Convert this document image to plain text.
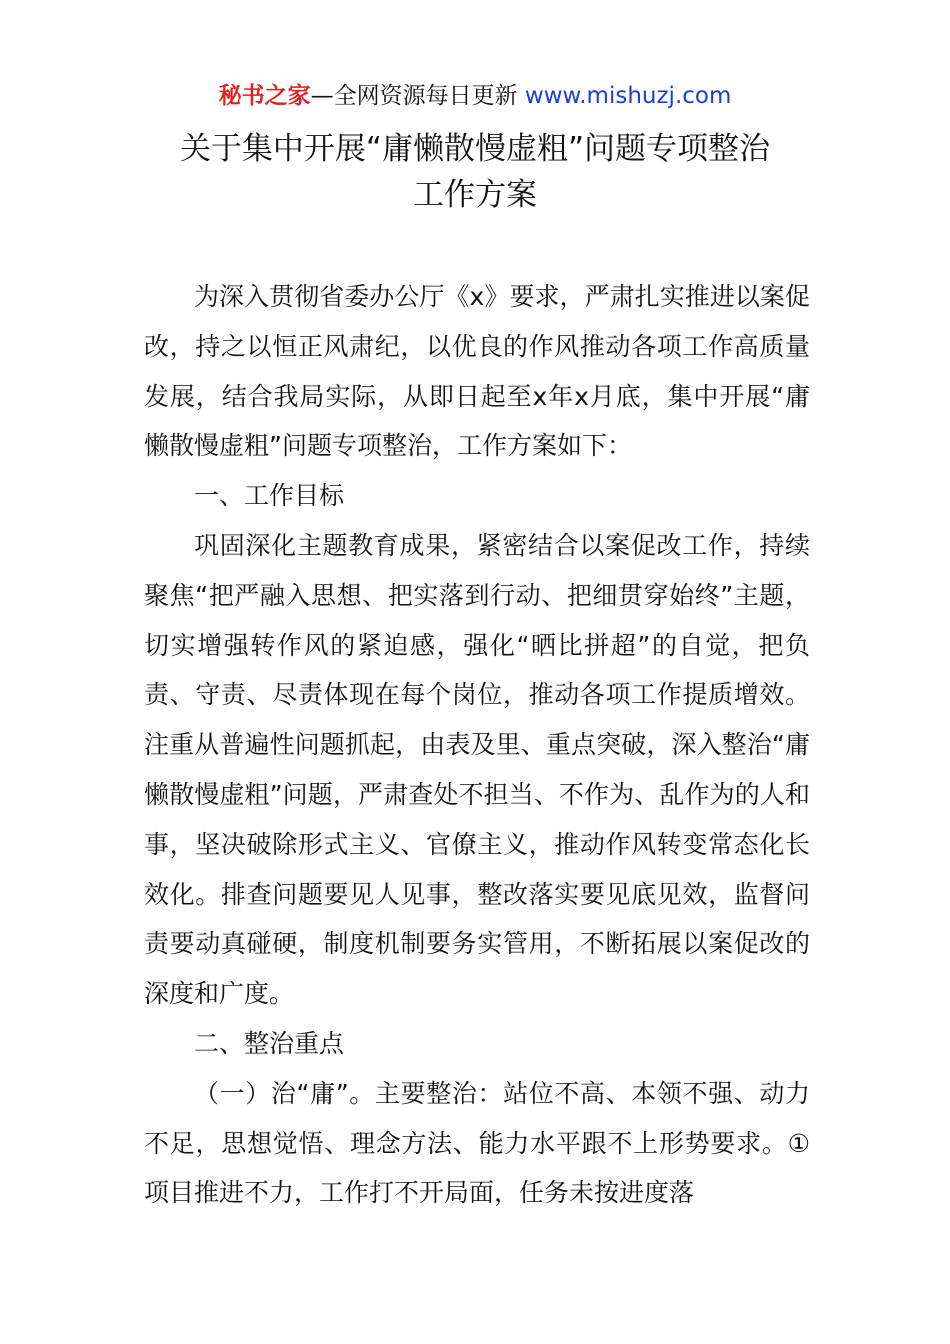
秘书之家—全网资源每日更新 www.mishuzj.com
关于集中开展“庸懒散慢虚粗”问题专项整治
工作方案

为深入贯彻省委办公厅《x》要求，严肃扎实推进以案促改，持之以恒正风肃纪，以优良的作风推动各项工作高质量发展，结合我局实际，从即日起至x年x月底，集中开展“庸懒散慢虚粗”问题专项整治，工作方案如下：

一、工作目标

巩固深化主题教育成果，紧密结合以案促改工作，持续聚焦“把严融入思想、把实落到行动、把细贯穿始终”主题，切实增强转作风的紧迫感，强化“晒比拼超”的自觉，把负责、守责、尽责体现在每个岗位，推动各项工作提质增效。注重从普遍性问题抓起，由表及里、重点突破，深入整治“庸懒散慢虚粗”问题，严肃查处不担当、不作为、乱作为的人和事，坚决破除形式主义、官僚主义，推动作风转变常态化长效化。排查问题要见人见事，整改落实要见底见效，监督问责要动真碰硬，制度机制要务实管用，不断拓展以案促改的深度和广度。

二、整治重点

（一）治“庸”。主要整治：站位不高、本领不强、动力不足，思想觉悟、理念方法、能力水平跟不上形势要求。①项目推进不力，工作打不开局面，任务未按进度落
